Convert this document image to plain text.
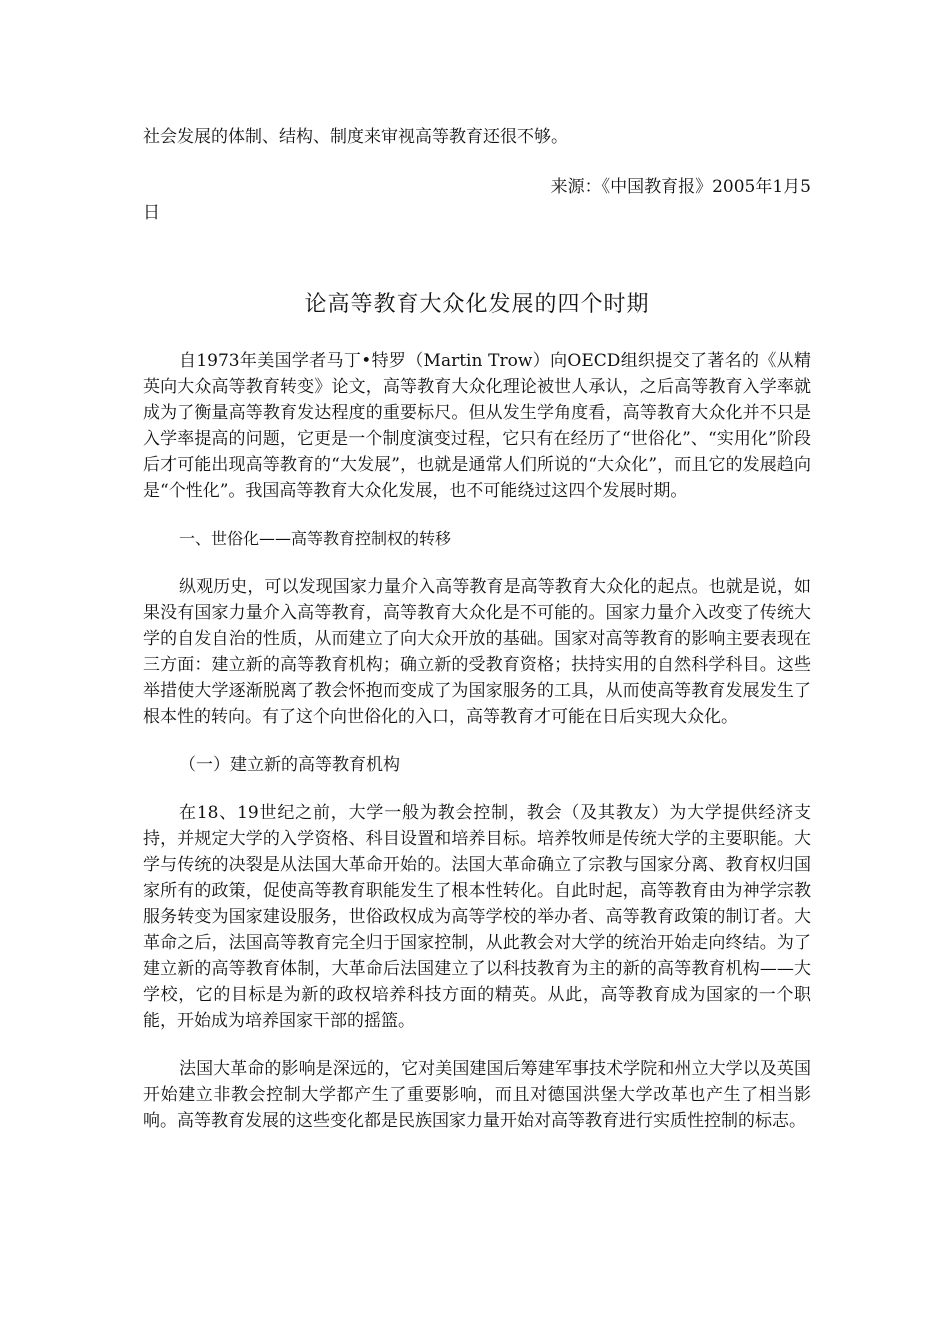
社会发展的体制、结构、制度来审视高等教育还很不够。

来源：《中国教育报》2005年1月5

日

论高等教育大众化发展的四个时期

自1973年美国学者马丁•特罗（Martin Trow）向OECD组织提交了著名的《从精英向大众高等教育转变》论文，高等教育大众化理论被世人承认，之后高等教育入学率就成为了衡量高等教育发达程度的重要标尺。但从发生学角度看，高等教育大众化并不只是入学率提高的问题，它更是一个制度演变过程，它只有在经历了“世俗化”、“实用化”阶段后才可能出现高等教育的“大发展”，也就是通常人们所说的“大众化”，而且它的发展趋向是“个性化”。我国高等教育大众化发展，也不可能绕过这四个发展时期。

一、世俗化——高等教育控制权的转移

纵观历史，可以发现国家力量介入高等教育是高等教育大众化的起点。也就是说，如果没有国家力量介入高等教育，高等教育大众化是不可能的。国家力量介入改变了传统大学的自发自治的性质，从而建立了向大众开放的基础。国家对高等教育的影响主要表现在三方面：建立新的高等教育机构；确立新的受教育资格；扶持实用的自然科学科目。这些举措使大学逐渐脱离了教会怀抱而变成了为国家服务的工具，从而使高等教育发展发生了根本性的转向。有了这个向世俗化的入口，高等教育才可能在日后实现大众化。

（一）建立新的高等教育机构

在18、19世纪之前，大学一般为教会控制，教会（及其教友）为大学提供经济支持，并规定大学的入学资格、科目设置和培养目标。培养牧师是传统大学的主要职能。大学与传统的决裂是从法国大革命开始的。法国大革命确立了宗教与国家分离、教育权归国家所有的政策，促使高等教育职能发生了根本性转化。自此时起，高等教育由为神学宗教服务转变为国家建设服务，世俗政权成为高等学校的举办者、高等教育政策的制订者。大革命之后，法国高等教育完全归于国家控制，从此教会对大学的统治开始走向终结。为了建立新的高等教育体制，大革命后法国建立了以科技教育为主的新的高等教育机构——大学校，它的目标是为新的政权培养科技方面的精英。从此，高等教育成为国家的一个职能，开始成为培养国家干部的摇篮。

法国大革命的影响是深远的，它对美国建国后筹建军事技术学院和州立大学以及英国开始建立非教会控制大学都产生了重要影响，而且对德国洪堡大学改革也产生了相当影响。高等教育发展的这些变化都是民族国家力量开始对高等教育进行实质性控制的标志。
